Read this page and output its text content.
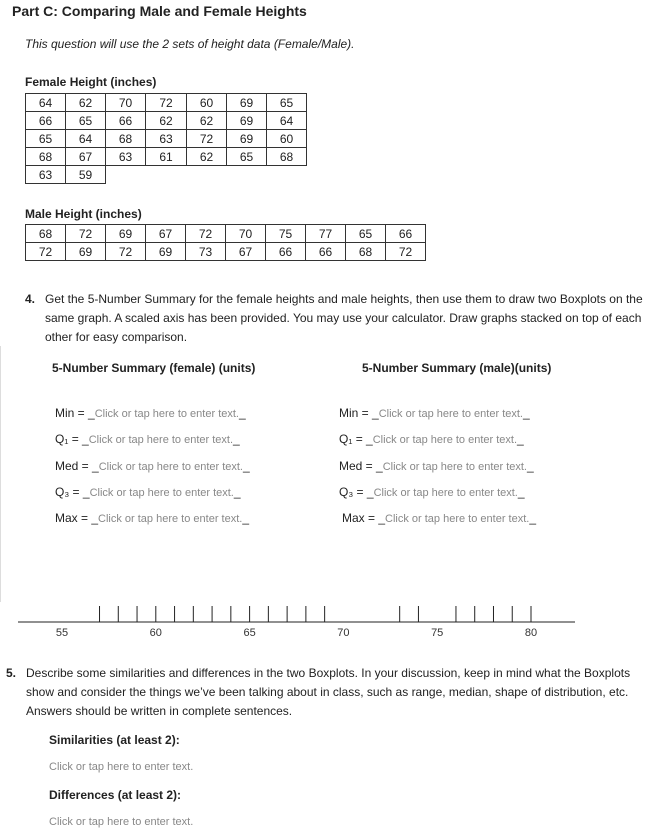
Part C: Comparing Male and Female Heights
This question will use the 2 sets of height data (Female/Male).
Female Height (inches)
64	62	70	72	60	69	65
66	65	66	62	62	69	64
65	64	68	63	72	69	60
68	67	63	61	62	65	68
63	59					
Male Height (inches)
68	72	69	67	72	70	75	77	65	66
72	69	72	69	73	67	66	66	68	72
4. Get the 5-Number Summary for the female heights and male heights, then use them to draw two Boxplots on the same graph. A scaled axis has been provided. You may use your calculator. Draw graphs stacked on top of each other for easy comparison.
5-Number Summary (female) (units)	5-Number Summary (male)(units)
Min = _Click or tap here to enter text._
Q₁ = _Click or tap here to enter text._
Med = _Click or tap here to enter text._
Q₃ = _Click or tap here to enter text._
Max = _Click or tap here to enter text._
Min = _Click or tap here to enter text._
Q₁ = _Click or tap here to enter text._
Med = _Click or tap here to enter text._
Q₃ = _Click or tap here to enter text._
Max = _Click or tap here to enter text._
55	60	65	70	75	80
5. Describe some similarities and differences in the two Boxplots. In your discussion, keep in mind what the Boxplots show and consider the things we’ve been talking about in class, such as range, median, shape of distribution, etc. Answers should be written in complete sentences.
Similarities (at least 2):
Click or tap here to enter text.
Differences (at least 2):
Click or tap here to enter text.
